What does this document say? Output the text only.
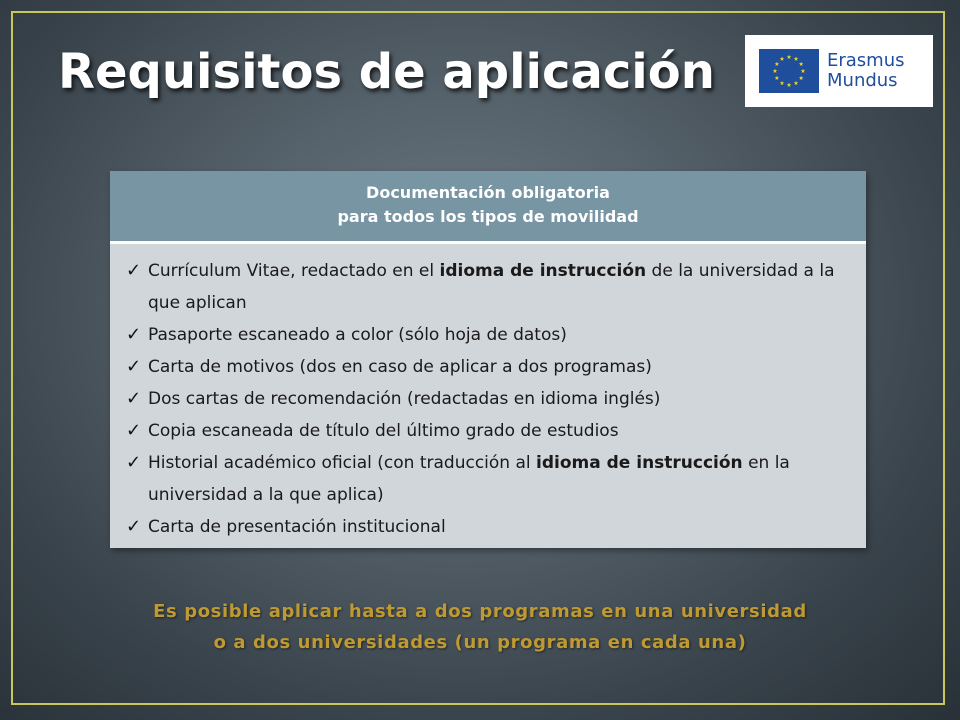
Requisitos de aplicación	Erasmus
Mundus
Documentación obligatoria
para todos los tipos de movilidad
✓ Currículum Vitae, redactado en el idioma de instrucción de la universidad a la que aplican
✓ Pasaporte escaneado a color (sólo hoja de datos)
✓ Carta de motivos (dos en caso de aplicar a dos programas)
✓ Dos cartas de recomendación (redactadas en idioma inglés)
✓ Copia escaneada de título del último grado de estudios
✓ Historial académico oficial (con traducción al idioma de instrucción en la universidad a la que aplica)
✓ Carta de presentación institucional
Es posible aplicar hasta a dos programas en una universidad
o a dos universidades (un programa en cada una)
